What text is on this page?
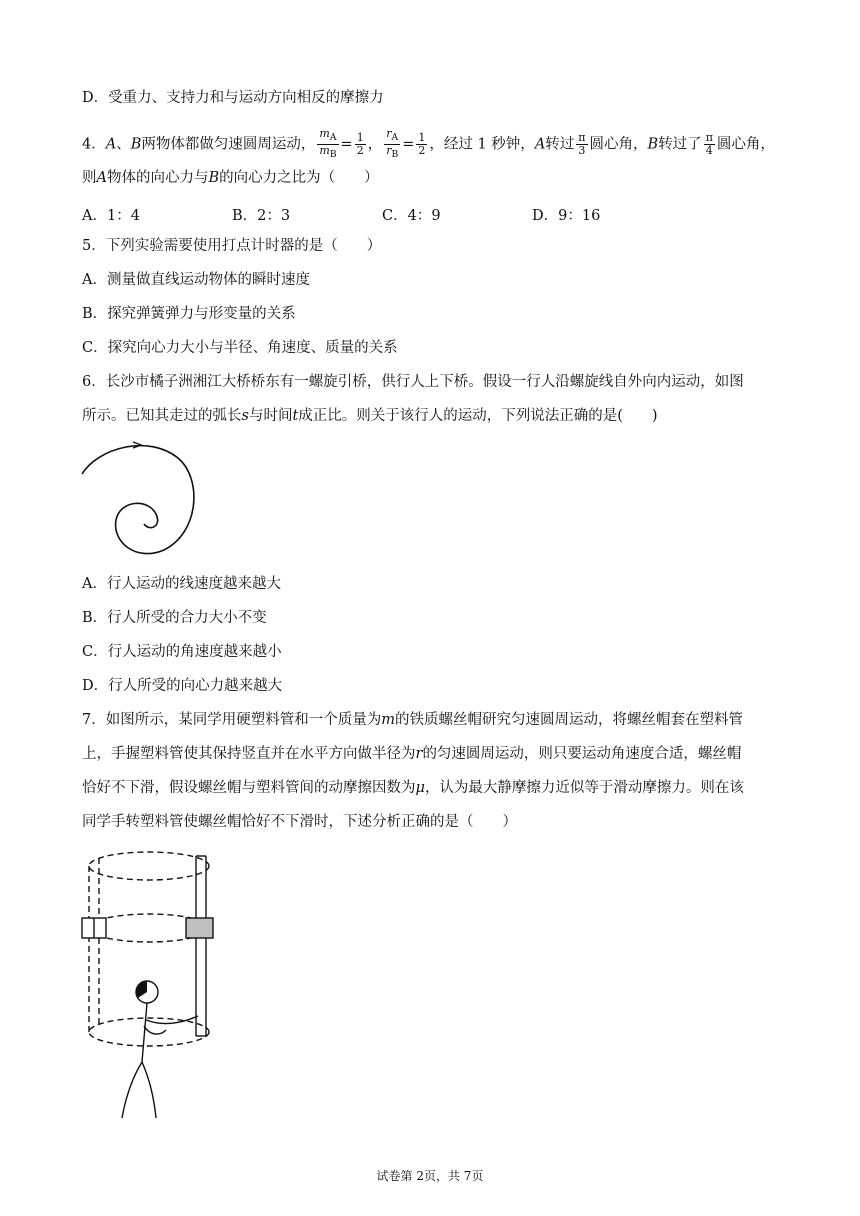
D．受重力、支持力和与运动方向相反的摩擦力
4．A、B两物体都做匀速圆周运动， $\frac{m_A}{m_B} = \frac{1}{2}$ ， $\frac{r_A}{r_B} = \frac{1}{2}$ ，经过 1 秒钟，A转过 $\frac{\pi}{3}$ 圆心角，B转过了 $\frac{\pi}{4}$ 圆心角，
则A物体的向心力与B的向心力之比为（　　）
A．1：4	B．2：3	C．4：9	D．9：16
5．下列实验需要使用打点计时器的是（　　）
A．测量做直线运动物体的瞬时速度
B．探究弹簧弹力与形变量的关系
C．探究向心力大小与半径、角速度、质量的关系
6．长沙市橘子洲湘江大桥桥东有一螺旋引桥，供行人上下桥。假设一行人沿螺旋线自外向内运动，如图
所示。已知其走过的弧长s与时间t成正比。则关于该行人的运动，下列说法正确的是(　　)
A．行人运动的线速度越来越大
B．行人所受的合力大小不变
C．行人运动的角速度越来越小
D．行人所受的向心力越来越大
7．如图所示，某同学用硬塑料管和一个质量为m的铁质螺丝帽研究匀速圆周运动，将螺丝帽套在塑料管
上，手握塑料管使其保持竖直并在水平方向做半径为r的匀速圆周运动，则只要运动角速度合适，螺丝帽
恰好不下滑，假设螺丝帽与塑料管间的动摩擦因数为μ，认为最大静摩擦力近似等于滑动摩擦力。则在该
同学手转塑料管使螺丝帽恰好不下滑时，下述分析正确的是（　　）
试卷第 2页，共 7页
